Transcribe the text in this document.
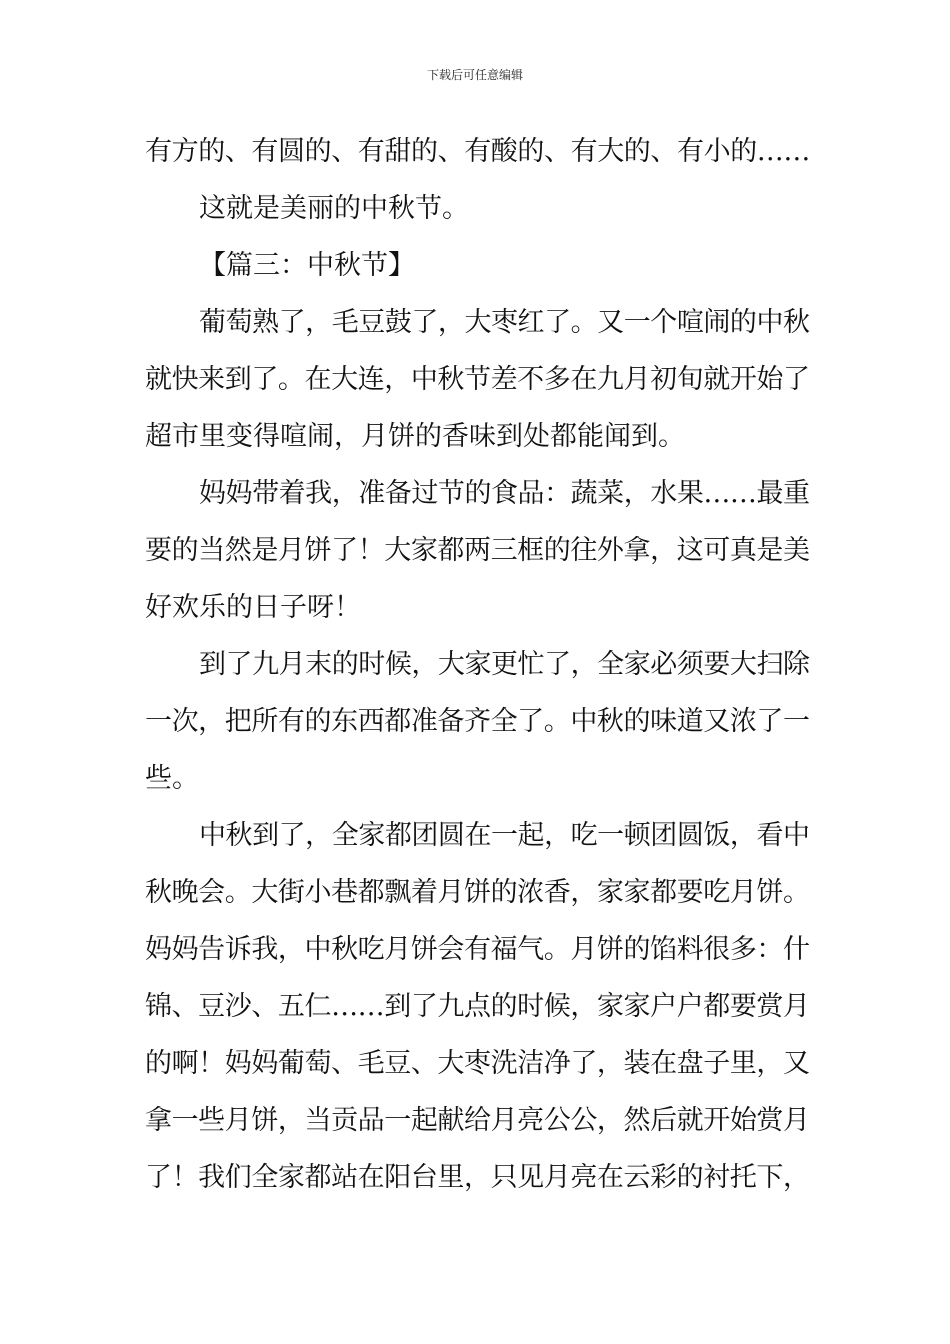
下载后可任意编辑
有方的、有圆的、有甜的、有酸的、有大的、有小的……
这就是美丽的中秋节。
【篇三：中秋节】
葡萄熟了，毛豆鼓了，大枣红了。又一个喧闹的中秋
就快来到了。在大连，中秋节差不多在九月初旬就开始了
超市里变得喧闹，月饼的香味到处都能闻到。
妈妈带着我，准备过节的食品：蔬菜，水果……最重
要的当然是月饼了！大家都两三框的往外拿，这可真是美
好欢乐的日子呀！
到了九月末的时候，大家更忙了，全家必须要大扫除
一次，把所有的东西都准备齐全了。中秋的味道又浓了一
些。
中秋到了，全家都团圆在一起，吃一顿团圆饭，看中
秋晚会。大街小巷都飘着月饼的浓香，家家都要吃月饼。
妈妈告诉我，中秋吃月饼会有福气。月饼的馅料很多：什
锦、豆沙、五仁……到了九点的时候，家家户户都要赏月
的啊！妈妈葡萄、毛豆、大枣洗洁净了，装在盘子里，又
拿一些月饼，当贡品一起献给月亮公公，然后就开始赏月
了！我们全家都站在阳台里，只见月亮在云彩的衬托下，
